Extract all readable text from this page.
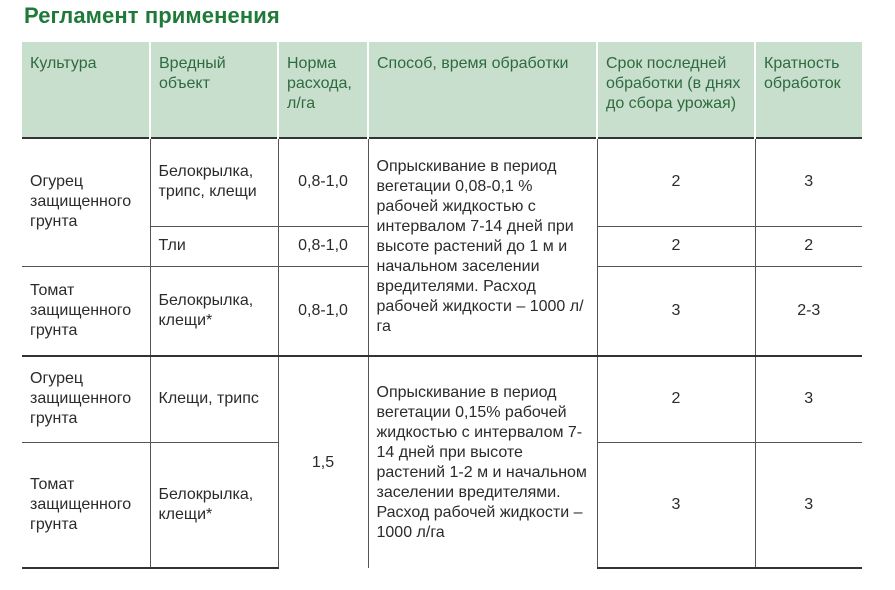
Регламент применения
Культура	Вредный объект	Норма расхода, л/га	Способ, время обработки	Срок последней обработки (в днях до сбора урожая)	Кратность обработок
Огурец защищенного грунта	Белокрылка, трипс, клещи	0,8-1,0	Опрыскивание в период вегетации 0,08-0,1 % рабочей жидкостью с интервалом 7-14 дней при высоте растений до 1 м и начальном заселении вредителями. Расход рабочей жидкости – 1000 л/га	2	3
	Тли	0,8-1,0		2	2
Томат защищенного грунта	Белокрылка, клещи*	0,8-1,0		3	2-3
Огурец защищенного грунта	Клещи, трипс	1,5	Опрыскивание в период вегетации 0,15% рабочей жидкостью с интервалом 7-14 дней при высоте растений 1-2 м и начальном заселении вредителями. Расход рабочей жидкости – 1000 л/га	2	3
Томат защищенного грунта	Белокрылка, клещи*			3	3
